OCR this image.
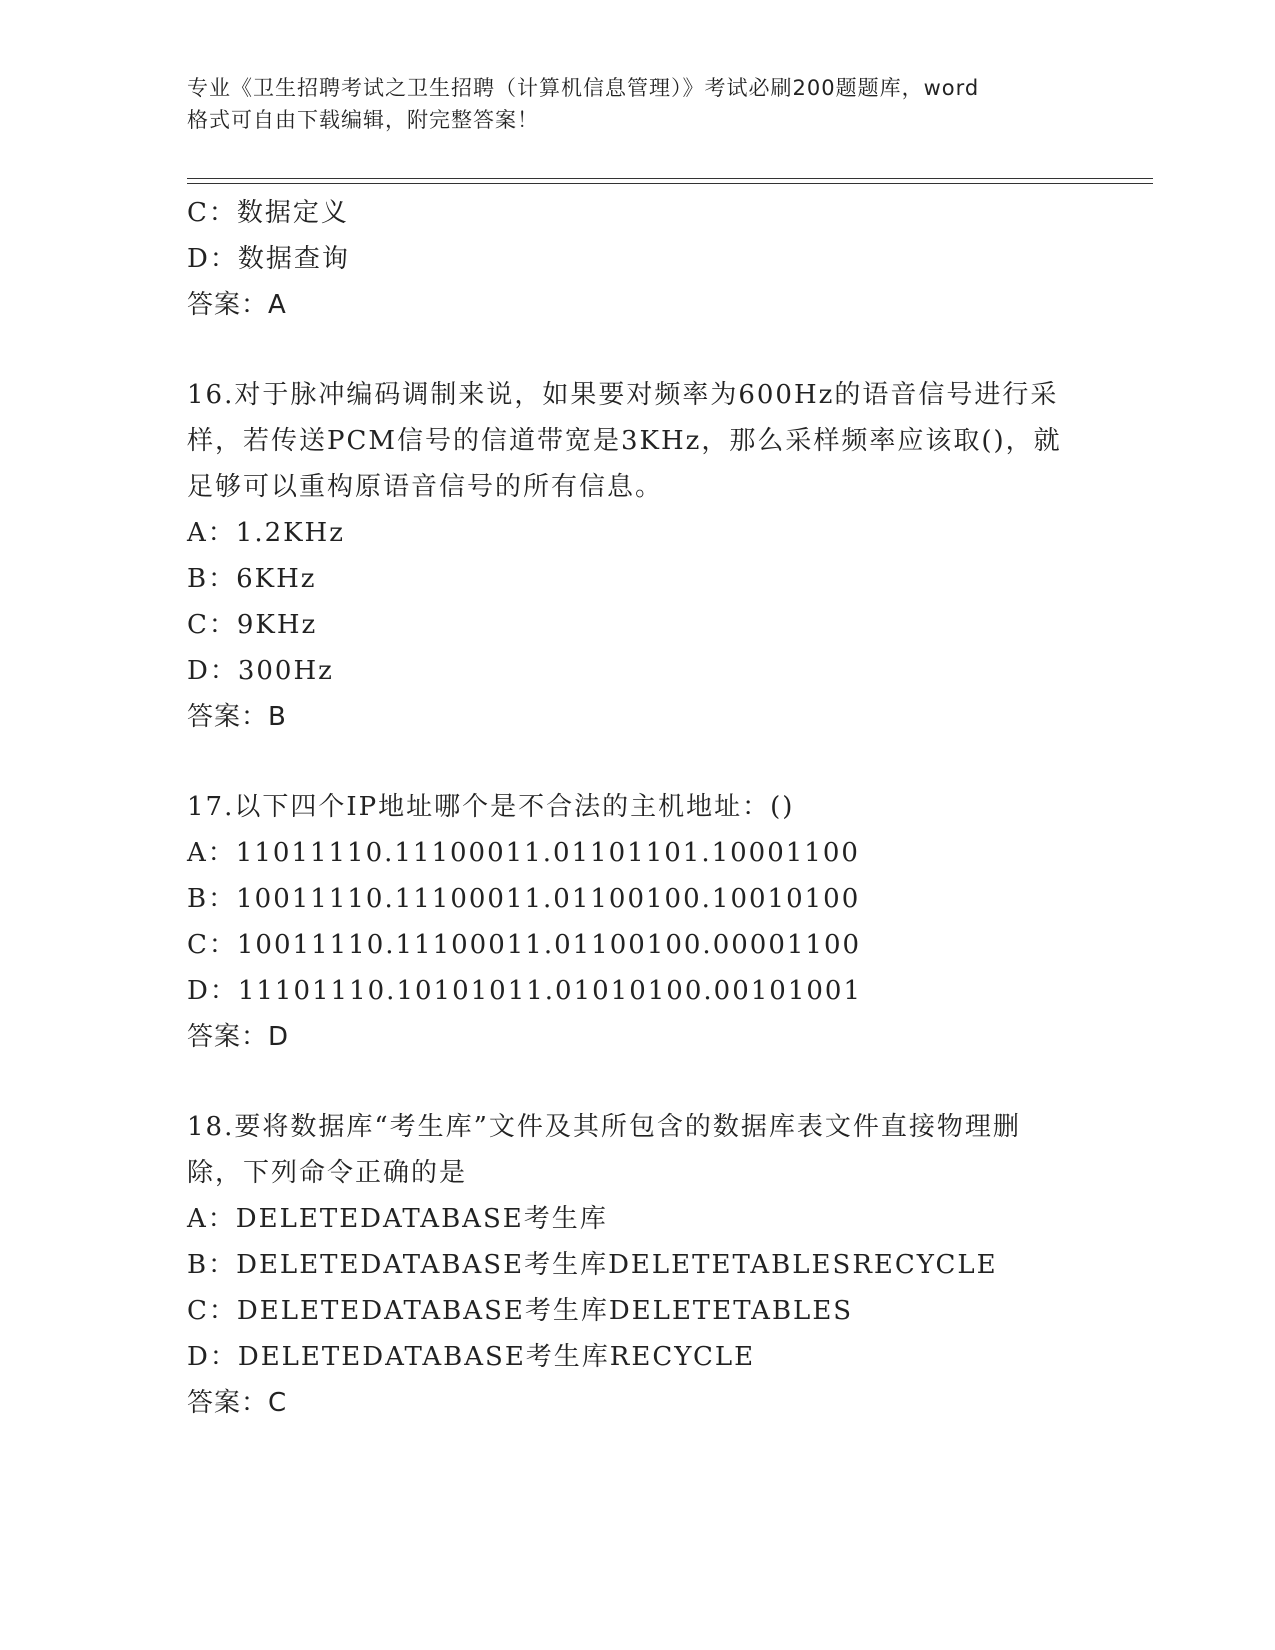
专业《卫生招聘考试之卫生招聘（计算机信息管理）》考试必刷200题题库，word
格式可自由下载编辑，附完整答案！
C：数据定义
D：数据查询
答案：A
16.对于脉冲编码调制来说，如果要对频率为600Hz的语音信号进行采
样，若传送PCM信号的信道带宽是3KHz，那么采样频率应该取()，就
足够可以重构原语音信号的所有信息。
A：1.2KHz
B：6KHz
C：9KHz
D：300Hz
答案：B
17.以下四个IP地址哪个是不合法的主机地址：()
A：11011110.11100011.01101101.10001100
B：10011110.11100011.01100100.10010100
C：10011110.11100011.01100100.00001100
D：11101110.10101011.01010100.00101001
答案：D
18.要将数据库“考生库”文件及其所包含的数据库表文件直接物理删
除，下列命令正确的是
A：DELETEDATABASE考生库
B：DELETEDATABASE考生库DELETETABLESRECYCLE
C：DELETEDATABASE考生库DELETETABLES
D：DELETEDATABASE考生库RECYCLE
答案：C
